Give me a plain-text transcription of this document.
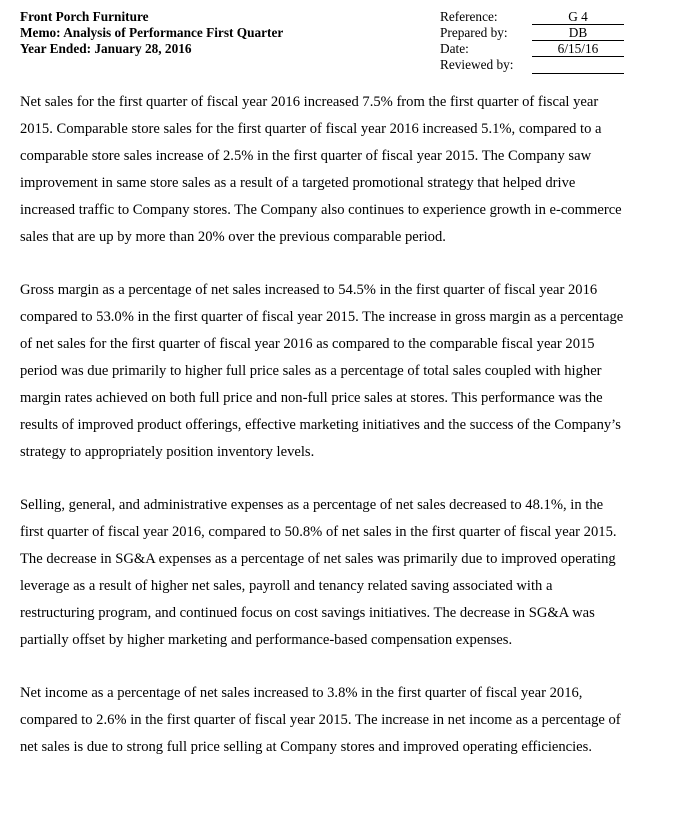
Front Porch Furniture
Memo: Analysis of Performance First Quarter
Year Ended: January 28, 2016
Reference:
Prepared by:
Date:
Reviewed by:
G 4
DB
6/15/16

Net sales for the first quarter of fiscal year 2016 increased 7.5% from the first quarter of fiscal year 2015. Comparable store sales for the first quarter of fiscal year 2016 increased 5.1%, compared to a comparable store sales increase of 2.5% in the first quarter of fiscal year 2015. The Company saw improvement in same store sales as a result of a targeted promotional strategy that helped drive increased traffic to Company stores. The Company also continues to experience growth in e-commerce sales that are up by more than 20% over the previous comparable period.

Gross margin as a percentage of net sales increased to 54.5% in the first quarter of fiscal year 2016 compared to 53.0% in the first quarter of fiscal year 2015. The increase in gross margin as a percentage of net sales for the first quarter of fiscal year 2016 as compared to the comparable fiscal year 2015 period was due primarily to higher full price sales as a percentage of total sales coupled with higher margin rates achieved on both full price and non-full price sales at stores. This performance was the results of improved product offerings, effective marketing initiatives and the success of the Company’s strategy to appropriately position inventory levels.

Selling, general, and administrative expenses as a percentage of net sales decreased to 48.1%, in the first quarter of fiscal year 2016, compared to 50.8% of net sales in the first quarter of fiscal year 2015. The decrease in SG&A expenses as a percentage of net sales was primarily due to improved operating leverage as a result of higher net sales, payroll and tenancy related saving associated with a restructuring program, and continued focus on cost savings initiatives. The decrease in SG&A was partially offset by higher marketing and performance-based compensation expenses.

Net income as a percentage of net sales increased to 3.8% in the first quarter of fiscal year 2016, compared to 2.6% in the first quarter of fiscal year 2015. The increase in net income as a percentage of net sales is due to strong full price selling at Company stores and improved operating efficiencies.
